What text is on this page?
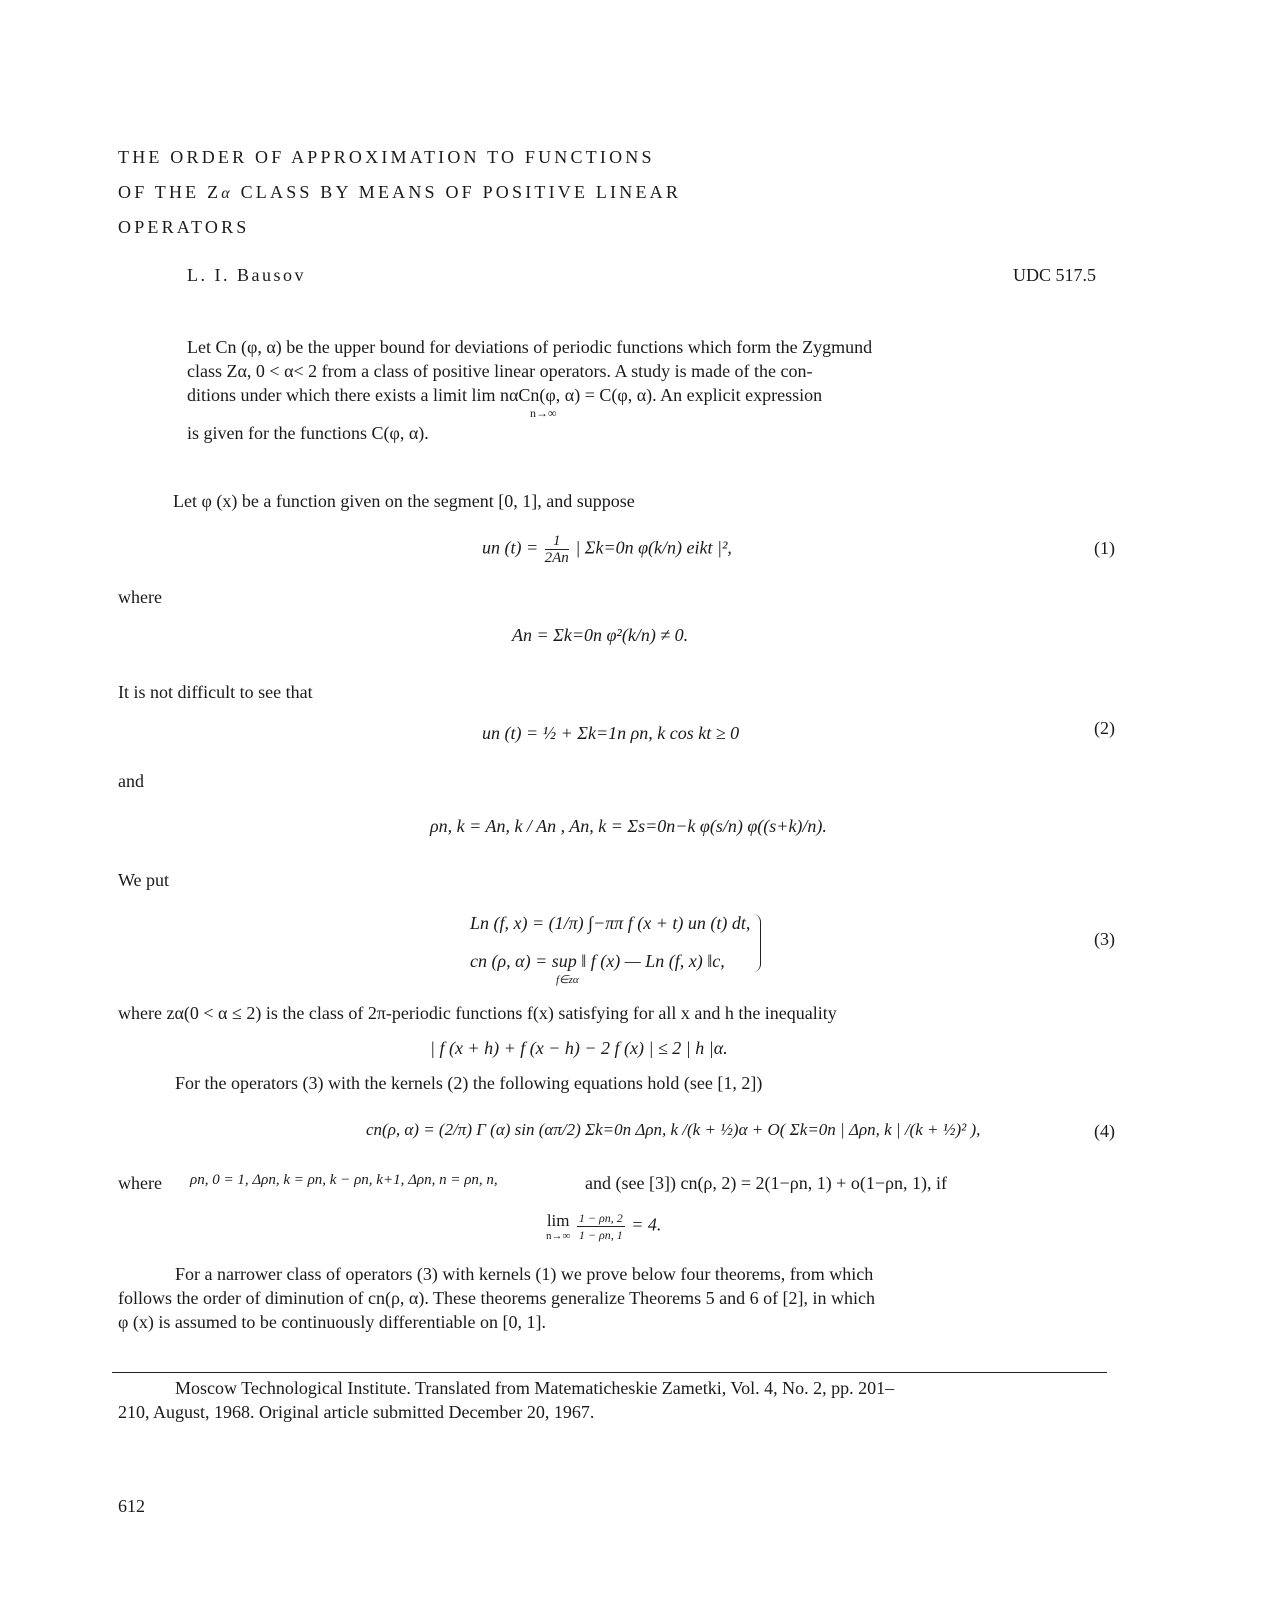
THE ORDER OF APPROXIMATION TO FUNCTIONS
OF THE Zα CLASS BY MEANS OF POSITIVE LINEAR
OPERATORS
L. I. Bausov	UDC 517.5
Let Cn (φ, α) be the upper bound for deviations of periodic functions which form the Zygmund
class Zα, 0 < α< 2 from a class of positive linear operators. A study is made of the con-
ditions under which there exists a limit lim nαCn(φ, α) = C(φ, α). An explicit expression
n→∞
is given for the functions C(φ, α).
Let φ (x) be a function given on the segment [0, 1], and suppose
un $(t) = \frac{1}{2An}$ | Σk=0n φ(k/n) eikt |²,	(1)
where
An = Σk=0n φ²(k/n) ≠ 0.
It is not difficult to see that
un (t) = ½ + Σk=1n ρn, k cos kt ≥ 0	(2)
and
ρn, k = An, k / An , An, k = Σs=0n−k φ(s/n) φ((s+k)/n).
We put
Ln (f, x) = (1/π) ∫−ππ f (x + t) un (t) dt,
cn (ρ, α) = sup ‖ f (x) — Ln (f, x) ‖c,
f∈zα
(3)
where zα(0 < α ≤ 2) is the class of 2π-periodic functions f(x) satisfying for all x and h the inequality
| f (x + h) + f (x − h) − 2 f (x) | ≤ 2 | h |α.
For the operators (3) with the kernels (2) the following equations hold (see [1, 2])
cn(ρ, α) = (2/π) Γ (α) sin (απ/2) Σk=0n Δρn, k /(k + ½)α + O( Σk=0n | Δρn, k | /(k + ½)² ),	(4)
where ρn, 0 = 1, Δρn, k = ρn, k − ρn, k+1, Δρn, n = ρn, n,	and (see [3]) cn(ρ, 2) = 2(1−ρn, 1) + o(1−ρn, 1), if
lim
n→∞
$\frac{1 - \rho n, 2}{1 - \rho n, 1} = 4$.
For a narrower class of operators (3) with kernels (1) we prove below four theorems, from which
follows the order of diminution of cn(ρ, α). These theorems generalize Theorems 5 and 6 of [2], in which
φ (x) is assumed to be continuously differentiable on [0, 1].
Moscow Technological Institute. Translated from Matematicheskie Zametki, Vol. 4, No. 2, pp. 201–
210, August, 1968. Original article submitted December 20, 1967.
612
